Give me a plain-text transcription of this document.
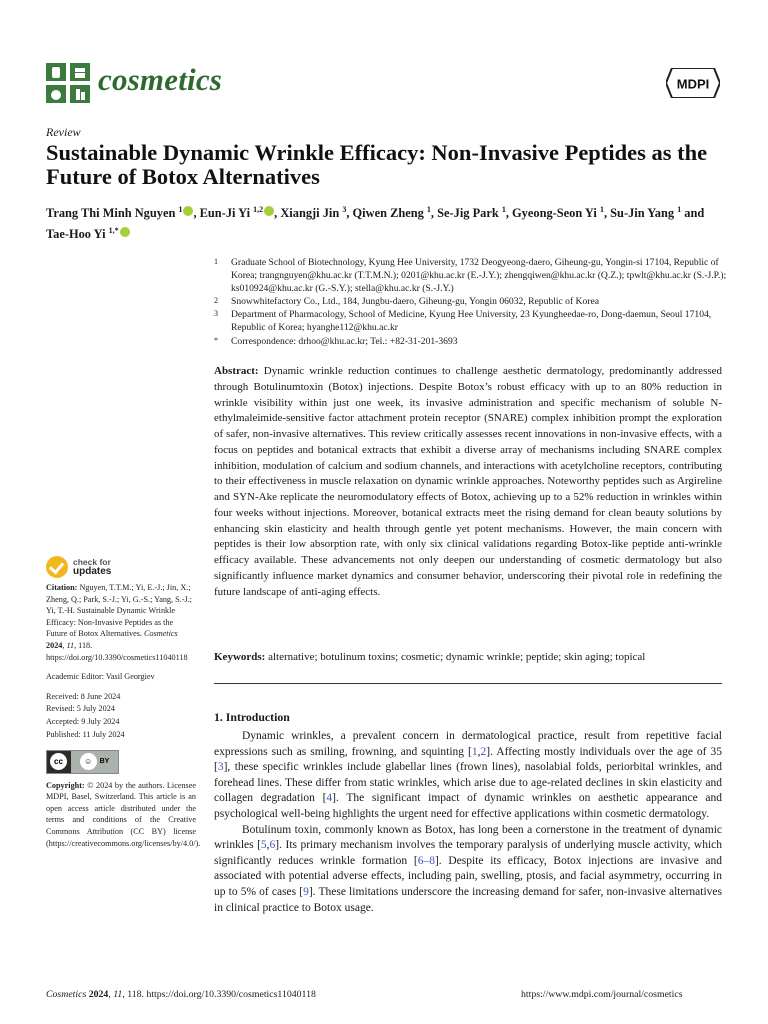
cosmetics	MDPI
Review
Sustainable Dynamic Wrinkle Efficacy: Non-Invasive Peptides as the Future of Botox Alternatives
Trang Thi Minh Nguyen $^1$ , Eun-Ji Yi $^{1,2}$ , Xiangji Jin $^3$, Qiwen Zheng $^1$, Se-Jig Park $^1$, Gyeong-Seon Yi $^1$, Su-Jin Yang $^1$ and Tae-Hoo Yi $^{1,*}$
1 Graduate School of Biotechnology, Kyung Hee University, 1732 Deogyeong-daero, Giheung-gu, Yongin-si 17104, Republic of Korea; trangnguyen@khu.ac.kr (T.T.M.N.); 0201@khu.ac.kr (E.-J.Y.); zhengqiwen@khu.ac.kr (Q.Z.); tpwlt@khu.ac.kr (S.-J.P.); ks010924@khu.ac.kr (G.-S.Y.); stella@khu.ac.kr (S.-J.Y.)
2 Snowwhitefactory Co., Ltd., 184, Jungbu-daero, Giheung-gu, Yongin 06032, Republic of Korea
3 Department of Pharmacology, School of Medicine, Kyung Hee University, 23 Kyungheedae-ro, Dong-daemun, Seoul 17104, Republic of Korea; hyanghe112@khu.ac.kr
* Correspondence: drhoo@khu.ac.kr; Tel.: +82-31-201-3693
Abstract: Dynamic wrinkle reduction continues to challenge aesthetic dermatology, predominantly addressed through Botulinumtoxin (Botox) injections. Despite Botox’s robust efficacy with up to an 80% reduction in wrinkle visibility within just one week, its invasive administration and specific mechanism of soluble N-ethylmaleimide-sensitive factor attachment protein receptor (SNARE) complex inhibition prompt the exploration of safer, non-invasive alternatives. This review critically assesses recent innovations in non-invasive effects, with a focus on peptides and botanical extracts that exhibit a diverse array of mechanisms including SNARE complex inhibition, modulation of calcium and sodium channels, and interactions with acetylcholine receptors, contributing to their effectiveness in muscle relaxation on dynamic wrinkle approaches. Noteworthy peptides such as Argireline and SYN-Ake replicate the neuromodulatory effects of Botox, achieving up to a 52% reduction in wrinkles within four weeks without injections. Moreover, botanical extracts meet the rising demand for clean beauty solutions by enhancing skin elasticity and health through gentle yet potent mechanisms. However, the main concern with peptides is their low absorption rate, with only six clinical validations regarding Botox-like peptide anti-wrinkle efficacy available. These advancements not only deepen our understanding of cosmetic dermatology but also significantly influence market dynamics and consumer behavior, underscoring their pivotal role in redefining the future landscape of anti-aging effects.
Keywords: alternative; botulinum toxins; cosmetic; dynamic wrinkle; peptide; skin aging; topical
1. Introduction

Dynamic wrinkles, a prevalent concern in dermatological practice, result from repetitive facial expressions such as smiling, frowning, and squinting [1,2]. Affecting mostly individuals over the age of 35 [3], these specific wrinkles include glabellar lines (frown lines), nasolabial folds, periorbital wrinkles, and forehead lines. These differ from static wrinkles, which arise due to age-related declines in skin elasticity and collagen degradation [4]. The significant impact of dynamic wrinkles on aesthetic appearance and psychological well-being highlights the urgent need for effective applications within cosmetic dermatology.

Botulinum toxin, commonly known as Botox, has long been a cornerstone in the treatment of dynamic wrinkles [5,6]. Its primary mechanism involves the temporary paralysis of underlying muscle activity, which significantly reduces wrinkle formation [6–8]. Despite its efficacy, Botox injections are invasive and associated with potential adverse effects, including pain, swelling, ptosis, and facial asymmetry, occurring in up to 5% of cases [9]. These limitations underscore the increasing demand for safer, non-invasive alternatives in clinical practice to Botox usage.

check for
updates
Citation: Nguyen, T.T.M.; Yi, E.-J.; Jin, X.; Zheng, Q.; Park, S.-J.; Yi, G.-S.; Yang, S.-J.; Yi, T.-H. Sustainable Dynamic Wrinkle Efficacy: Non-Invasive Peptides as the Future of Botox Alternatives. Cosmetics 2024, 11, 118. https://doi.org/10.3390/cosmetics11040118
Academic Editor: Vasil Georgiev
Received: 8 June 2024
Revised: 5 July 2024
Accepted: 9 July 2024
Published: 11 July 2024
cc	☺	BY
Copyright: © 2024 by the authors. Licensee MDPI, Basel, Switzerland. This article is an open access article distributed under the terms and conditions of the Creative Commons Attribution (CC BY) license (https://creativecommons.org/licenses/by/4.0/).
Cosmetics 2024, 11, 118. https://doi.org/10.3390/cosmetics11040118	https://www.mdpi.com/journal/cosmetics
